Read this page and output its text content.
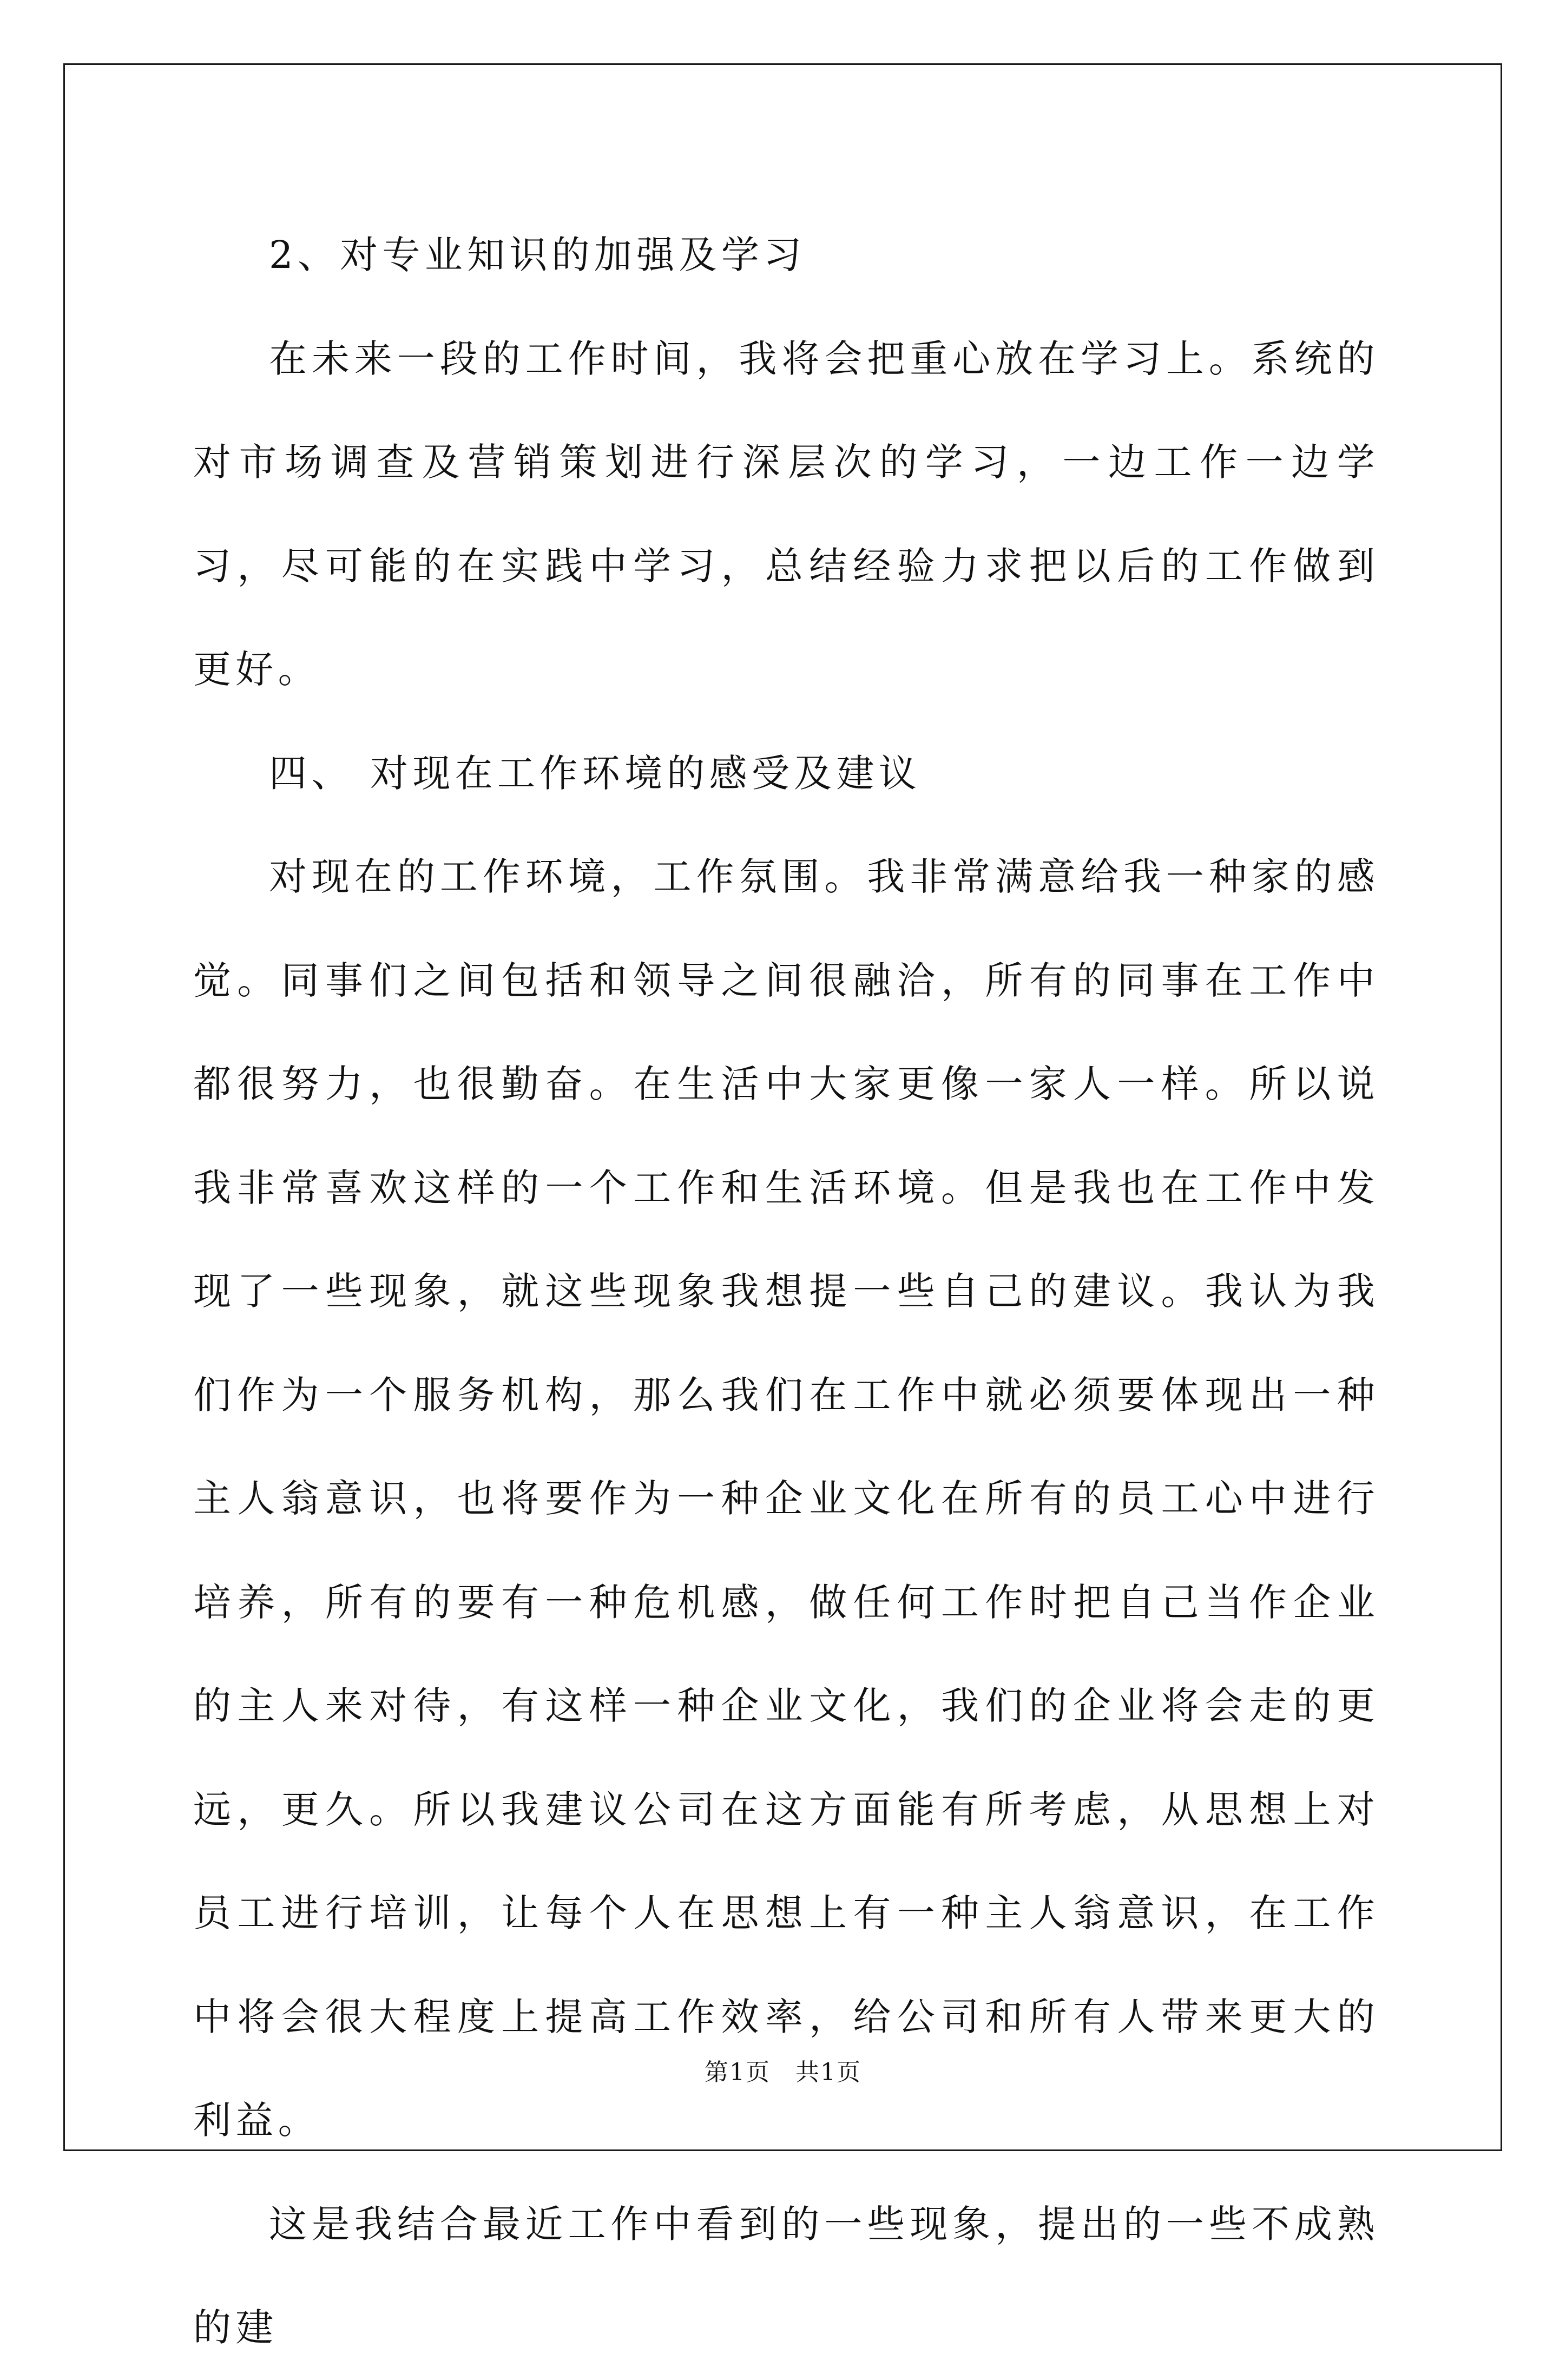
2、对专业知识的加强及学习

在未来一段的工作时间，我将会把重心放在学习上。系统的对市场调查及营销策划进行深层次的学习，一边工作一边学习，尽可能的在实践中学习，总结经验力求把以后的工作做到更好。

四、 对现在工作环境的感受及建议

对现在的工作环境，工作氛围。我非常满意给我一种家的感觉。同事们之间包括和领导之间很融洽，所有的同事在工作中都很努力，也很勤奋。在生活中大家更像一家人一样。所以说我非常喜欢这样的一个工作和生活环境。但是我也在工作中发现了一些现象，就这些现象我想提一些自己的建议。我认为我们作为一个服务机构，那么我们在工作中就必须要体现出一种主人翁意识，也将要作为一种企业文化在所有的员工心中进行培养，所有的要有一种危机感，做任何工作时把自己当作企业的主人来对待，有这样一种企业文化，我们的企业将会走的更远，更久。所以我建议公司在这方面能有所考虑，从思想上对员工进行培训，让每个人在思想上有一种主人翁意识，在工作中将会很大程度上提高工作效率，给公司和所有人带来更大的利益。

这是我结合最近工作中看到的一些现象，提出的一些不成熟的建

第1页　共1页
